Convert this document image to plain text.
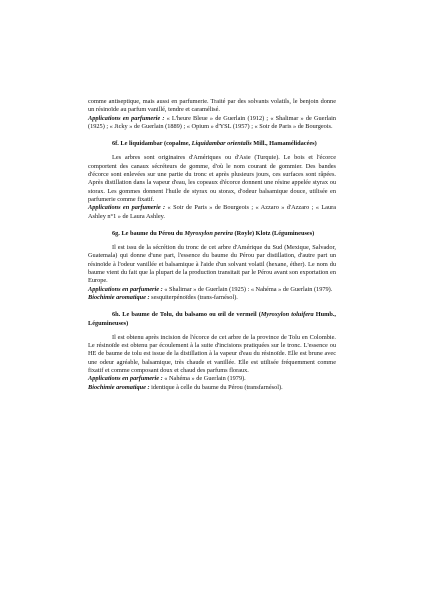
comme antiseptique, mais aussi en parfumerie. Traité par des solvants volatils, le benjoin donne un résinoïde au parfum vanillé, tendre et caramélisé.

Applications en parfumerie : « L'heure Bleue » de Guerlain (1912) ; « Shalimar » de Guerlain (1925) ; « Jicky » de Guerlain (1889) ; « Opium » d'YSL (1957) ; « Soir de Paris » de Bourgeois.

6f. Le liquidambar (copalme, Liquidambar orientalis Mill., Hamamélidacées)

Les arbres sont originaires d'Amériques ou d'Asie (Turquie). Le bois et l'écorce comportent des canaux sécréteurs de gomme, d'où le nom courant de gommier. Des bandes d'écorce sont enlevées sur une partie du tronc et après plusieurs jours, ces surfaces sont râpées. Après distillation dans la vapeur d'eau, les copeaux d'écorce donnent une résine appelée styrax ou storax. Les gommes donnent l'huile de styrax ou storax, d'odeur balsamique douce, utilisée en parfumerie comme fixatif.

Applications en parfumerie : « Soir de Paris » de Bourgeois ; « Azzaro » d'Azzaro ; « Laura Ashley n°1 » de Laura Ashley.

6g. Le baume du Pérou du Myroxylon pereira (Royle) Klotz (Légumineuses)

Il est issu de la sécrétion du tronc de cet arbre d'Amérique du Sud (Mexique, Salvador, Guatemala) qui donne d'une part, l'essence du baume du Pérou par distillation, d'autre part un résinoïde à l'odeur vanillée et balsamique à l'aide d'un solvant volatil (hexane, éther). Le nom du baume vient du fait que la plupart de la production transitait par le Pérou avant son exportation en Europe.

Applications en parfumerie : « Shalimar » de Guerlain (1925) : « Nahéma » de Guerlain (1979).

Biochimie aromatique : sesquiterpénoïdes (trans-farnésol).

6h. Le baume de Tolu, du balsamo ou œil de vermeil (Myroxylon toluifera Humb., Légumineuses)

Il est obtenu après incision de l'écorce de cet arbre de la province de Tolu en Colombie. Le résinoïde est obtenu par écoulement à la suite d'incisions pratiquées sur le tronc. L'essence ou HE de baume de tolu est issue de la distillation à la vapeur d'eau du résinoïde. Elle est brune avec une odeur agréable, balsamique, très chaude et vanillée. Elle est utilisée fréquemment comme fixatif et comme composant doux et chaud des parfums floraux.

Applications en parfumerie : « Nahéma » de Guerlain (1979).

Biochimie aromatique : identique à celle du baume du Pérou (transfarnésol).
